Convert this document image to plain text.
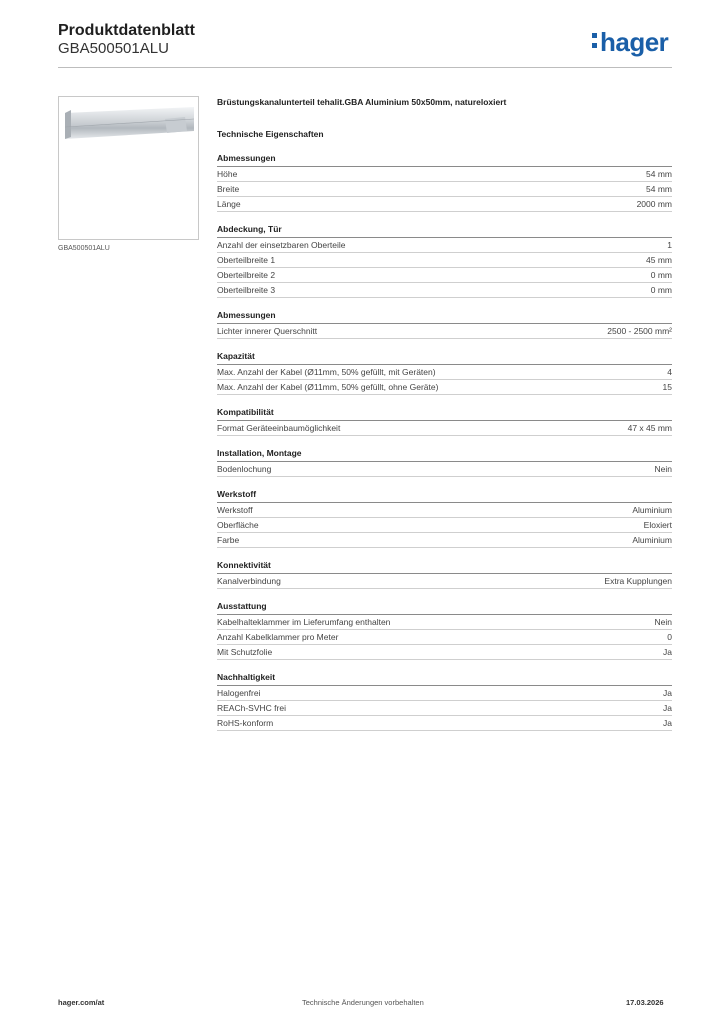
Produktdatenblatt
GBA500501ALU	hager
GBA500501ALU
Brüstungskanalunterteil tehalit.GBA Aluminium 50x50mm, natureloxiert
Technische Eigenschaften
Abmessungen
Höhe	54 mm
Breite	54 mm
Länge	2000 mm
Abdeckung, Tür
Anzahl der einsetzbaren Oberteile	1
Oberteilbreite 1	45 mm
Oberteilbreite 2	0 mm
Oberteilbreite 3	0 mm
Abmessungen
Lichter innerer Querschnitt	2500 - 2500 mm²
Kapazität
Max. Anzahl der Kabel (Ø11mm, 50% gefüllt, mit Geräten)	4
Max. Anzahl der Kabel (Ø11mm, 50% gefüllt, ohne Geräte)	15
Kompatibilität
Format Geräteeinbaumöglichkeit	47 x 45 mm
Installation, Montage
Bodenlochung	Nein
Werkstoff
Werkstoff	Aluminium
Oberfläche	Eloxiert
Farbe	Aluminium
Konnektivität
Kanalverbindung	Extra Kupplungen
Ausstattung
Kabelhalteklammer im Lieferumfang enthalten	Nein
Anzahl Kabelklammer pro Meter	0
Mit Schutzfolie	Ja
Nachhaltigkeit
Halogenfrei	Ja
REACh-SVHC frei	Ja
RoHS-konform	Ja
hager.com/at	Technische Änderungen vorbehalten	17.03.2026
